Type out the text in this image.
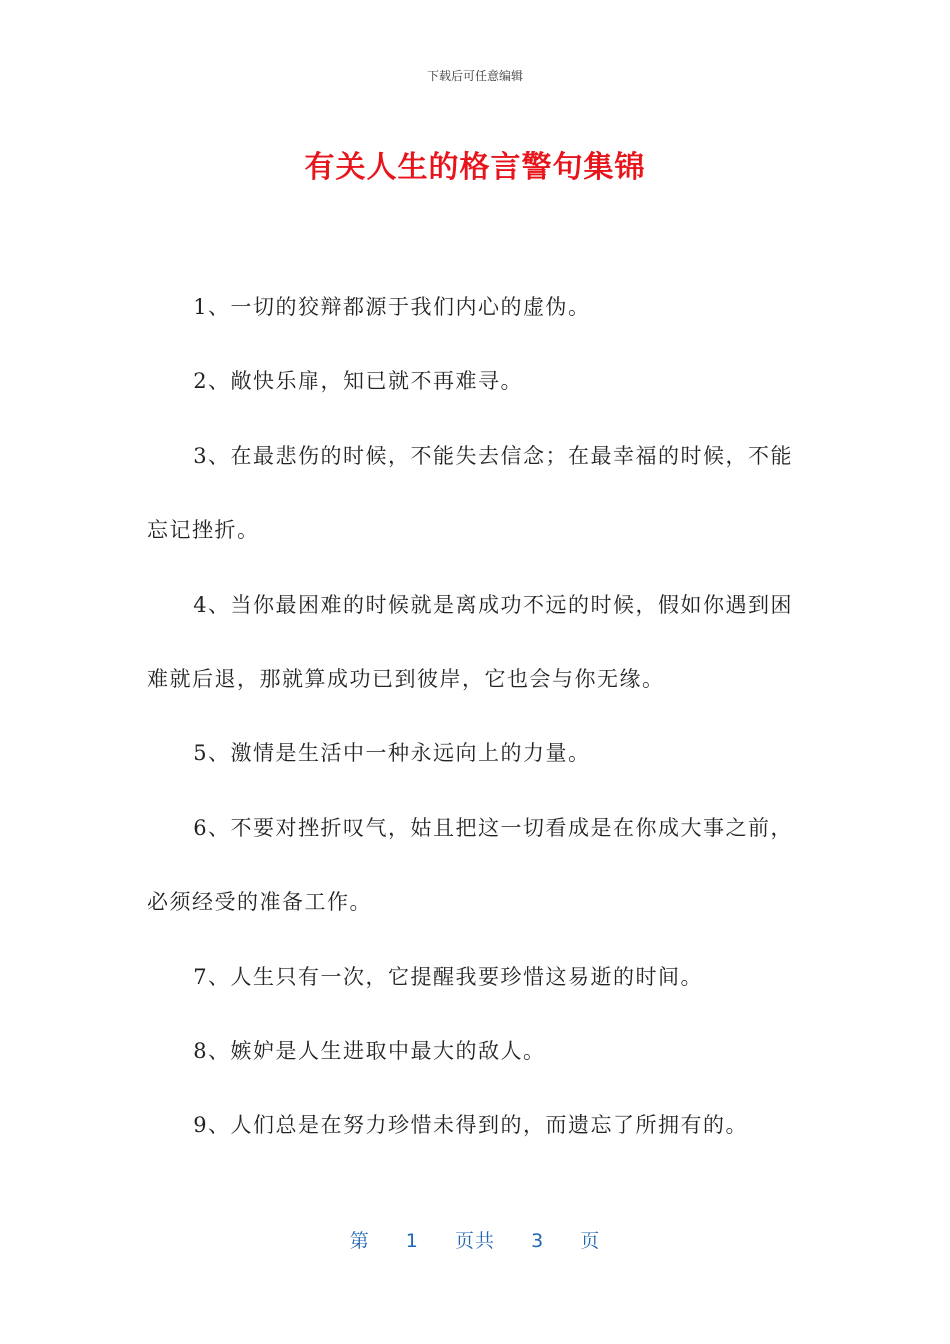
下载后可任意编辑
有关人生的格言警句集锦

1、一切的狡辩都源于我们内心的虚伪。

2、敞快乐扉，知已就不再难寻。

3、在最悲伤的时候，不能失去信念；在最幸福的时候，不能忘记挫折。

4、当你最困难的时候就是离成功不远的时候，假如你遇到困难就后退，那就算成功已到彼岸，它也会与你无缘。

5、激情是生活中一种永远向上的力量。

6、不要对挫折叹气，姑且把这一切看成是在你成大事之前，必须经受的准备工作。

7、人生只有一次，它提醒我要珍惜这易逝的时间。

8、嫉妒是人生进取中最大的敌人。

9、人们总是在努力珍惜未得到的，而遗忘了所拥有的。

第 1 页共 3 页
